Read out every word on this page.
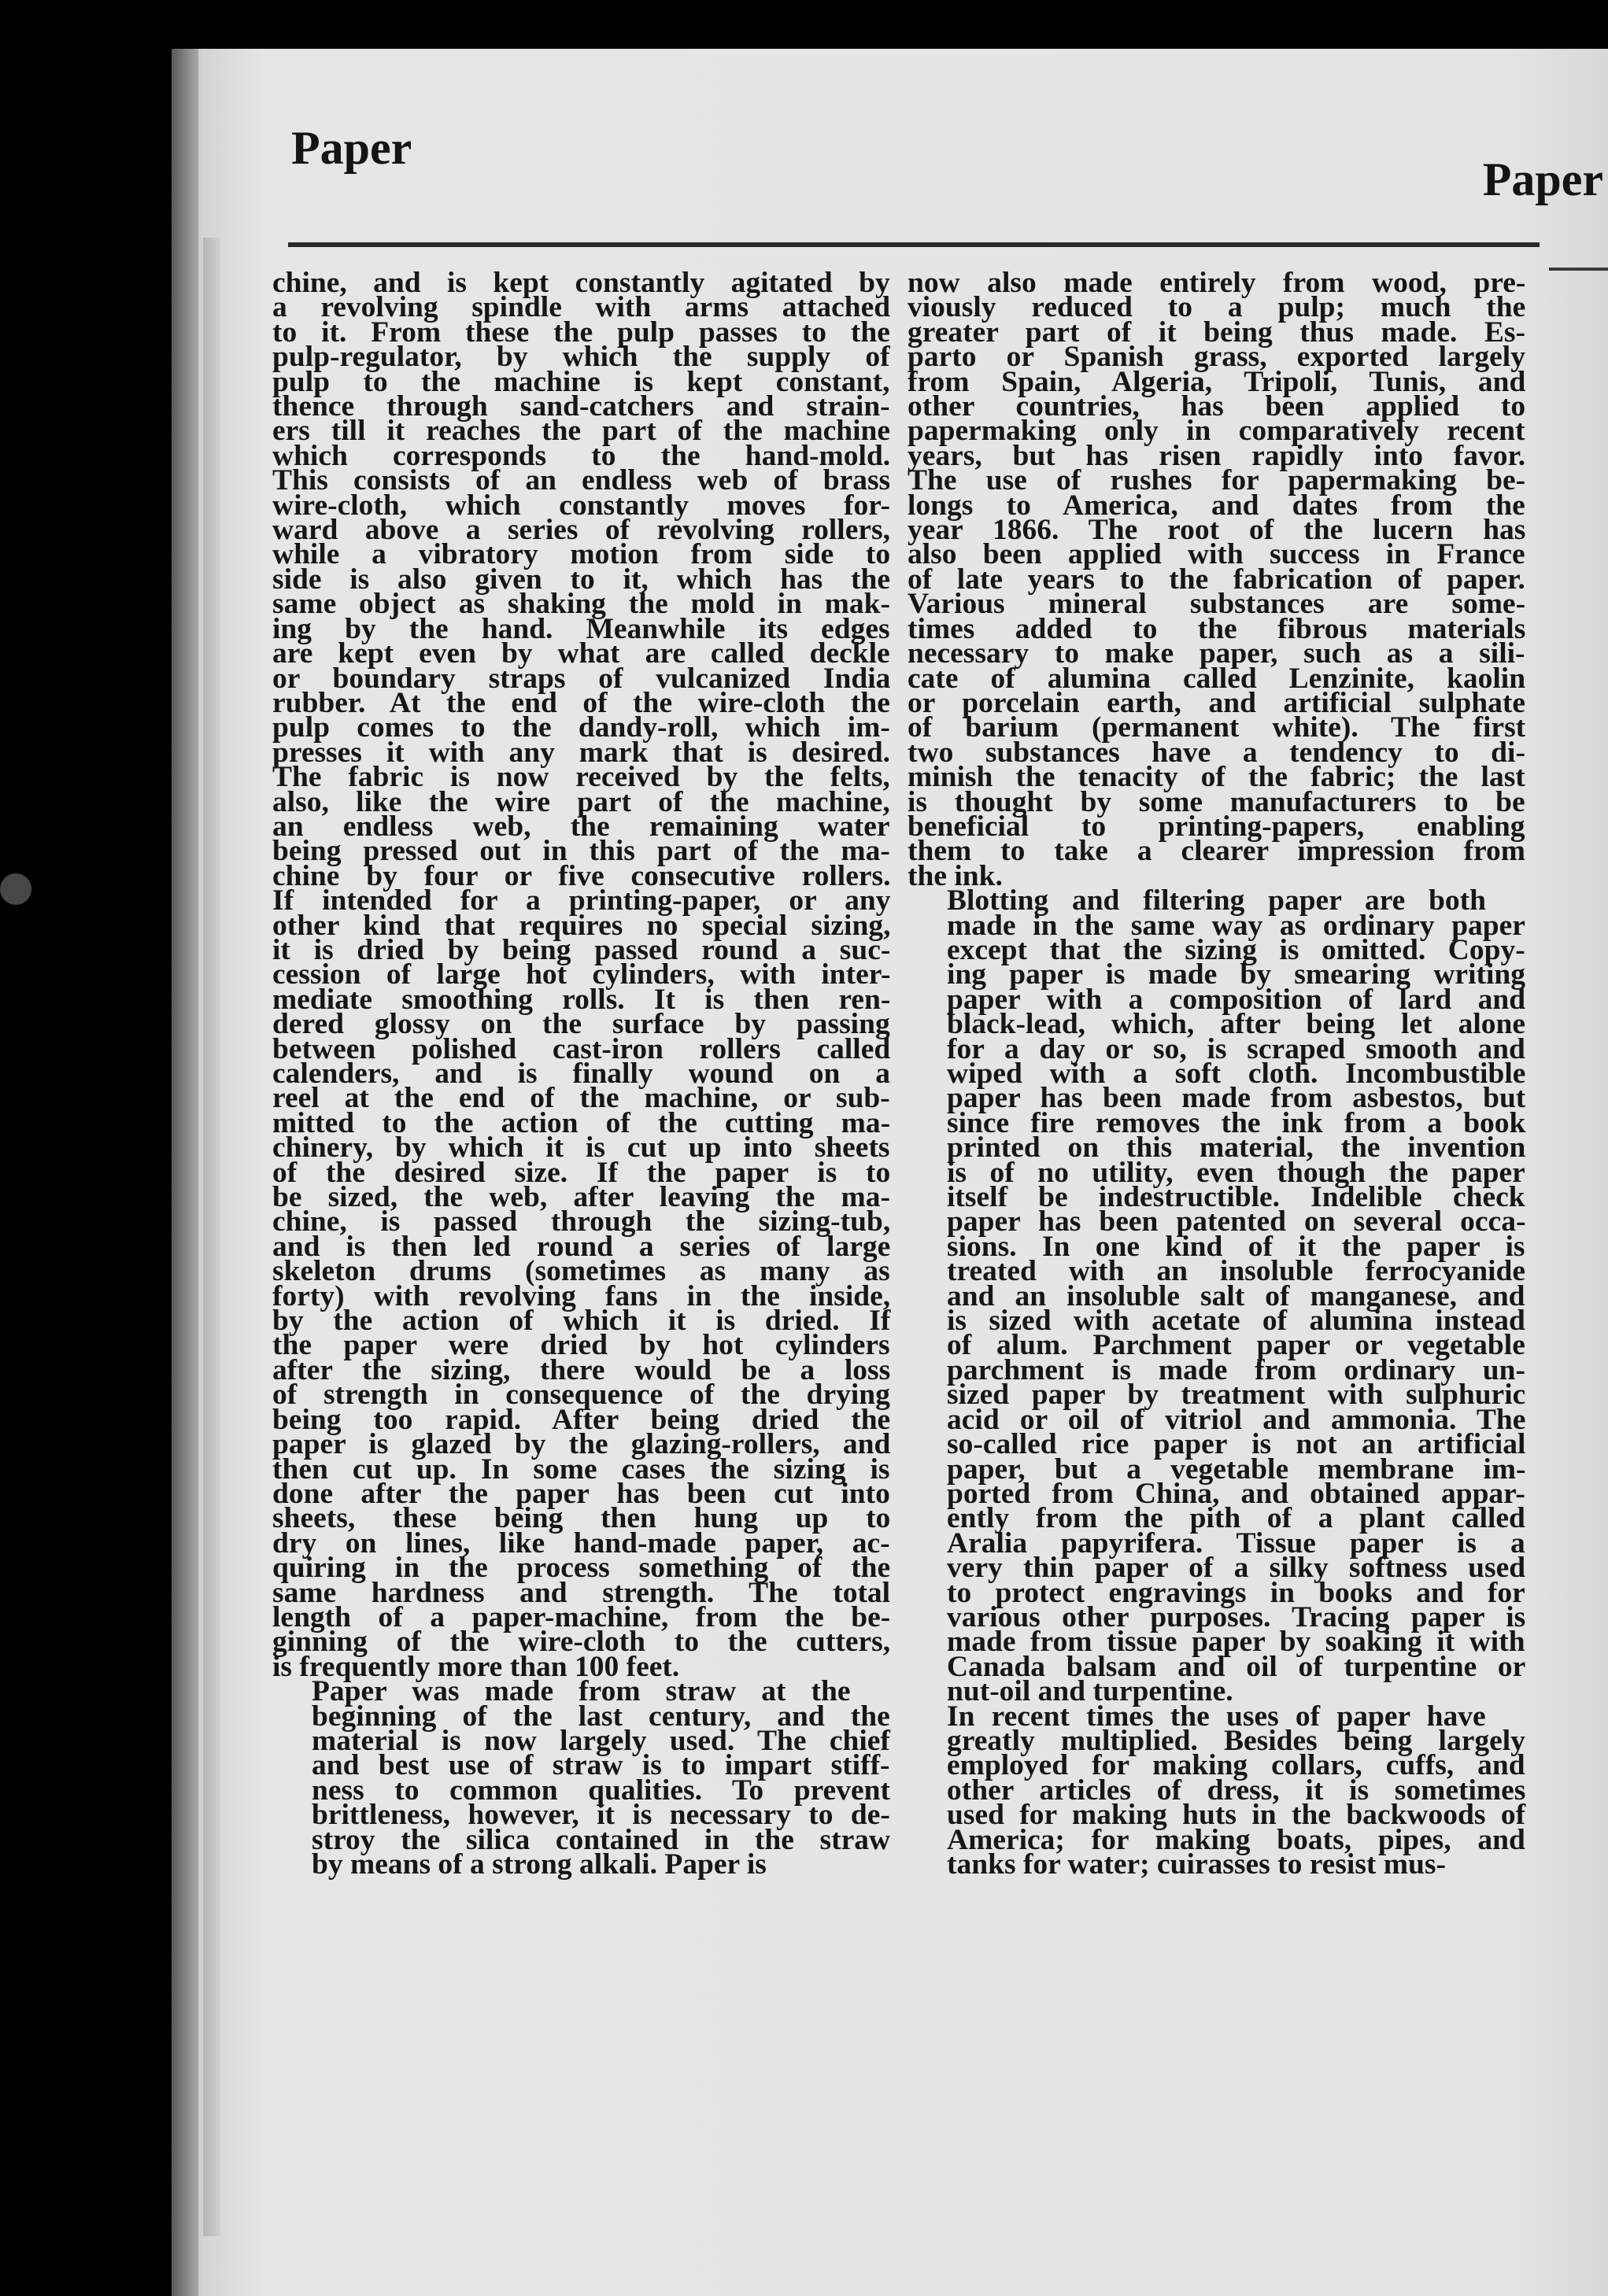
Paper
Paper

chine, and is kept constantly agitated by
a revolving spindle with arms attached
to it. From these the pulp passes to the
pulp-regulator, by which the supply of
pulp to the machine is kept constant,
thence through sand-catchers and strain-
ers till it reaches the part of the machine
which corresponds to the hand-mold.
This consists of an endless web of brass
wire-cloth, which constantly moves for-
ward above a series of revolving rollers,
while a vibratory motion from side to
side is also given to it, which has the
same object as shaking the mold in mak-
ing by the hand. Meanwhile its edges
are kept even by what are called deckle
or boundary straps of vulcanized India
rubber. At the end of the wire-cloth the
pulp comes to the dandy-roll, which im-
presses it with any mark that is desired.
The fabric is now received by the felts,
also, like the wire part of the machine,
an endless web, the remaining water
being pressed out in this part of the ma-
chine by four or five consecutive rollers.
If intended for a printing-paper, or any
other kind that requires no special sizing,
it is dried by being passed round a suc-
cession of large hot cylinders, with inter-
mediate smoothing rolls. It is then ren-
dered glossy on the surface by passing
between polished cast-iron rollers called
calenders, and is finally wound on a
reel at the end of the machine, or sub-
mitted to the action of the cutting ma-
chinery, by which it is cut up into sheets
of the desired size. If the paper is to
be sized, the web, after leaving the ma-
chine, is passed through the sizing-tub,
and is then led round a series of large
skeleton drums (sometimes as many as
forty) with revolving fans in the inside,
by the action of which it is dried. If
the paper were dried by hot cylinders
after the sizing, there would be a loss
of strength in consequence of the drying
being too rapid. After being dried the
paper is glazed by the glazing-rollers, and
then cut up. In some cases the sizing is
done after the paper has been cut into
sheets, these being then hung up to
dry on lines, like hand-made paper, ac-
quiring in the process something of the
same hardness and strength. The total
length of a paper-machine, from the be-
ginning of the wire-cloth to the cutters,
is frequently more than 100 feet.

Paper was made from straw at the
beginning of the last century, and the
material is now largely used. The chief
and best use of straw is to impart stiff-
ness to common qualities. To prevent
brittleness, however, it is necessary to de-
stroy the silica contained in the straw
by means of a strong alkali. Paper is

now also made entirely from wood, pre-
viously reduced to a pulp; much the
greater part of it being thus made. Es-
parto or Spanish grass, exported largely
from Spain, Algeria, Tripoli, Tunis, and
other countries, has been applied to
papermaking only in comparatively recent
years, but has risen rapidly into favor.
The use of rushes for papermaking be-
longs to America, and dates from the
year 1866. The root of the lucern has
also been applied with success in France
of late years to the fabrication of paper.
Various mineral substances are some-
times added to the fibrous materials
necessary to make paper, such as a sili-
cate of alumina called Lenzinite, kaolin
or porcelain earth, and artificial sulphate
of barium (permanent white). The first
two substances have a tendency to di-
minish the tenacity of the fabric; the last
is thought by some manufacturers to be
beneficial to printing-papers, enabling
them to take a clearer impression from
the ink.

Blotting and filtering paper are both
made in the same way as ordinary paper
except that the sizing is omitted. Copy-
ing paper is made by smearing writing
paper with a composition of lard and
black-lead, which, after being let alone
for a day or so, is scraped smooth and
wiped with a soft cloth. Incombustible
paper has been made from asbestos, but
since fire removes the ink from a book
printed on this material, the invention
is of no utility, even though the paper
itself be indestructible. Indelible check
paper has been patented on several occa-
sions. In one kind of it the paper is
treated with an insoluble ferrocyanide
and an insoluble salt of manganese, and
is sized with acetate of alumina instead
of alum. Parchment paper or vegetable
parchment is made from ordinary un-
sized paper by treatment with sulphuric
acid or oil of vitriol and ammonia. The
so-called rice paper is not an artificial
paper, but a vegetable membrane im-
ported from China, and obtained appar-
ently from the pith of a plant called
Aralia papyrifera. Tissue paper is a
very thin paper of a silky softness used
to protect engravings in books and for
various other purposes. Tracing paper is
made from tissue paper by soaking it with
Canada balsam and oil of turpentine or
nut-oil and turpentine.

In recent times the uses of paper have
greatly multiplied. Besides being largely
employed for making collars, cuffs, and
other articles of dress, it is sometimes
used for making huts in the backwoods of
America; for making boats, pipes, and
tanks for water; cuirasses to resist mus-
